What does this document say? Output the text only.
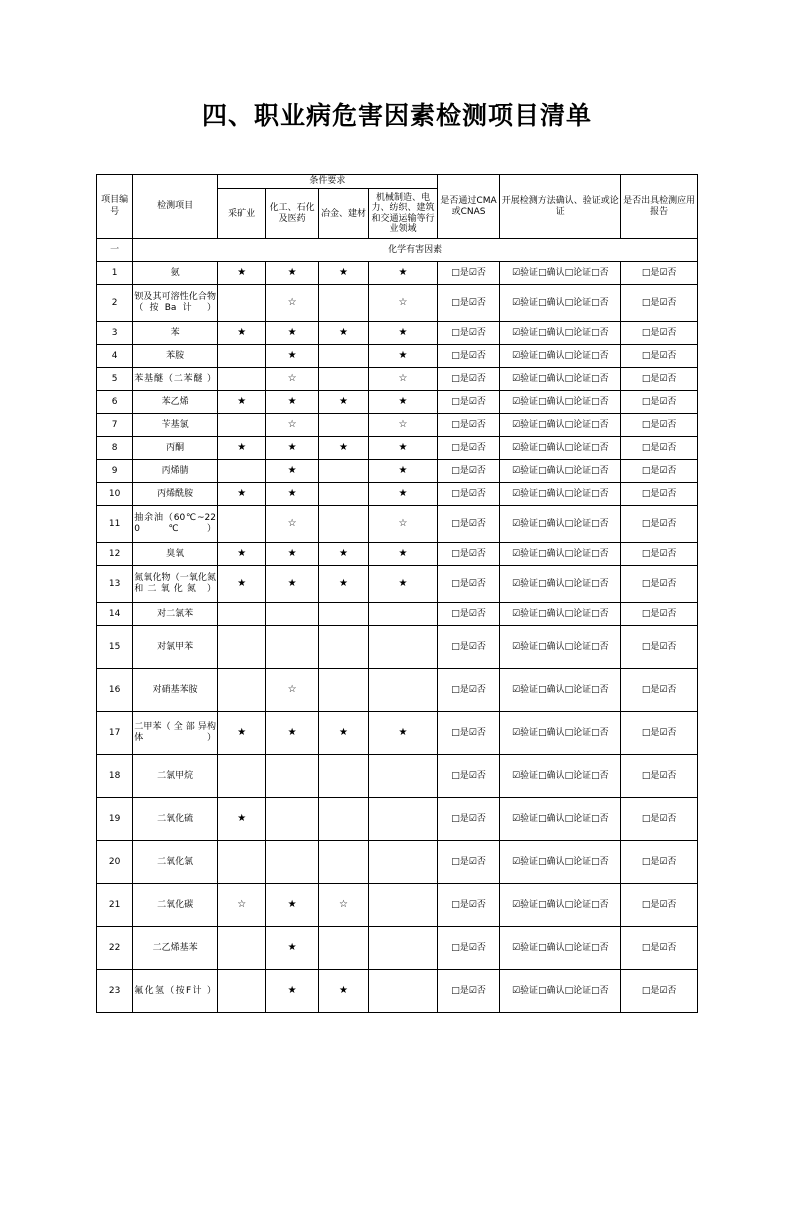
四、职业病危害因素检测项目清单
项目编号	检测项目	条件要求				是否通过CMA或CNAS	开展检测方法确认、验证或论证	是否出具检测应用报告
		采矿业	化工、石化及医药	冶金、建材	机械制造、电力、纺织、建筑和交通运输等行业领域			
一	化学有害因素							
1	氨	★	★	★	★	□是☑否	☑验证□确认□论证□否	□是☑否
2	钡及其可溶性化合物（按Ba计 ）		☆		☆	□是☑否	☑验证□确认□论证□否	□是☑否
3	苯	★	★	★	★	□是☑否	☑验证□确认□论证□否	□是☑否
4	苯胺		★		★	□是☑否	☑验证□确认□论证□否	□是☑否
5	苯基醚（二苯醚 ）		☆		☆	□是☑否	☑验证□确认□论证□否	□是☑否
6	苯乙烯	★	★	★	★	□是☑否	☑验证□确认□论证□否	□是☑否
7	苄基氯		☆		☆	□是☑否	☑验证□确认□论证□否	□是☑否
8	丙酮	★	★	★	★	□是☑否	☑验证□确认□论证□否	□是☑否
9	丙烯腈		★		★	□是☑否	☑验证□确认□论证□否	□是☑否
10	丙烯酰胺	★	★		★	□是☑否	☑验证□确认□论证□否	□是☑否
11	抽余油（60℃~220℃）		☆		☆	□是☑否	☑验证□确认□论证□否	□是☑否
12	臭氧	★	★	★	★	□是☑否	☑验证□确认□论证□否	□是☑否
13	氮氧化物（一氧化氮和二氧化氮 ）	★	★	★	★	□是☑否	☑验证□确认□论证□否	□是☑否
14	对二氯苯					□是☑否	☑验证□确认□论证□否	□是☑否
15	对氯甲苯					□是☑否	☑验证□确认□论证□否	□是☑否
16	对硝基苯胺		☆			□是☑否	☑验证□确认□论证□否	□是☑否
17	二甲苯（ 全 部 异构体）	★	★	★	★	□是☑否	☑验证□确认□论证□否	□是☑否
18	二氯甲烷					□是☑否	☑验证□确认□论证□否	□是☑否
19	二氧化硫	★				□是☑否	☑验证□确认□论证□否	□是☑否
20	二氧化氯					□是☑否	☑验证□确认□论证□否	□是☑否
21	二氧化碳	☆	★	☆		□是☑否	☑验证□确认□论证□否	□是☑否
22	二乙烯基苯		★			□是☑否	☑验证□确认□论证□否	□是☑否
23	氟化氢（按F计 ）		★	★		□是☑否	☑验证□确认□论证□否	□是☑否
